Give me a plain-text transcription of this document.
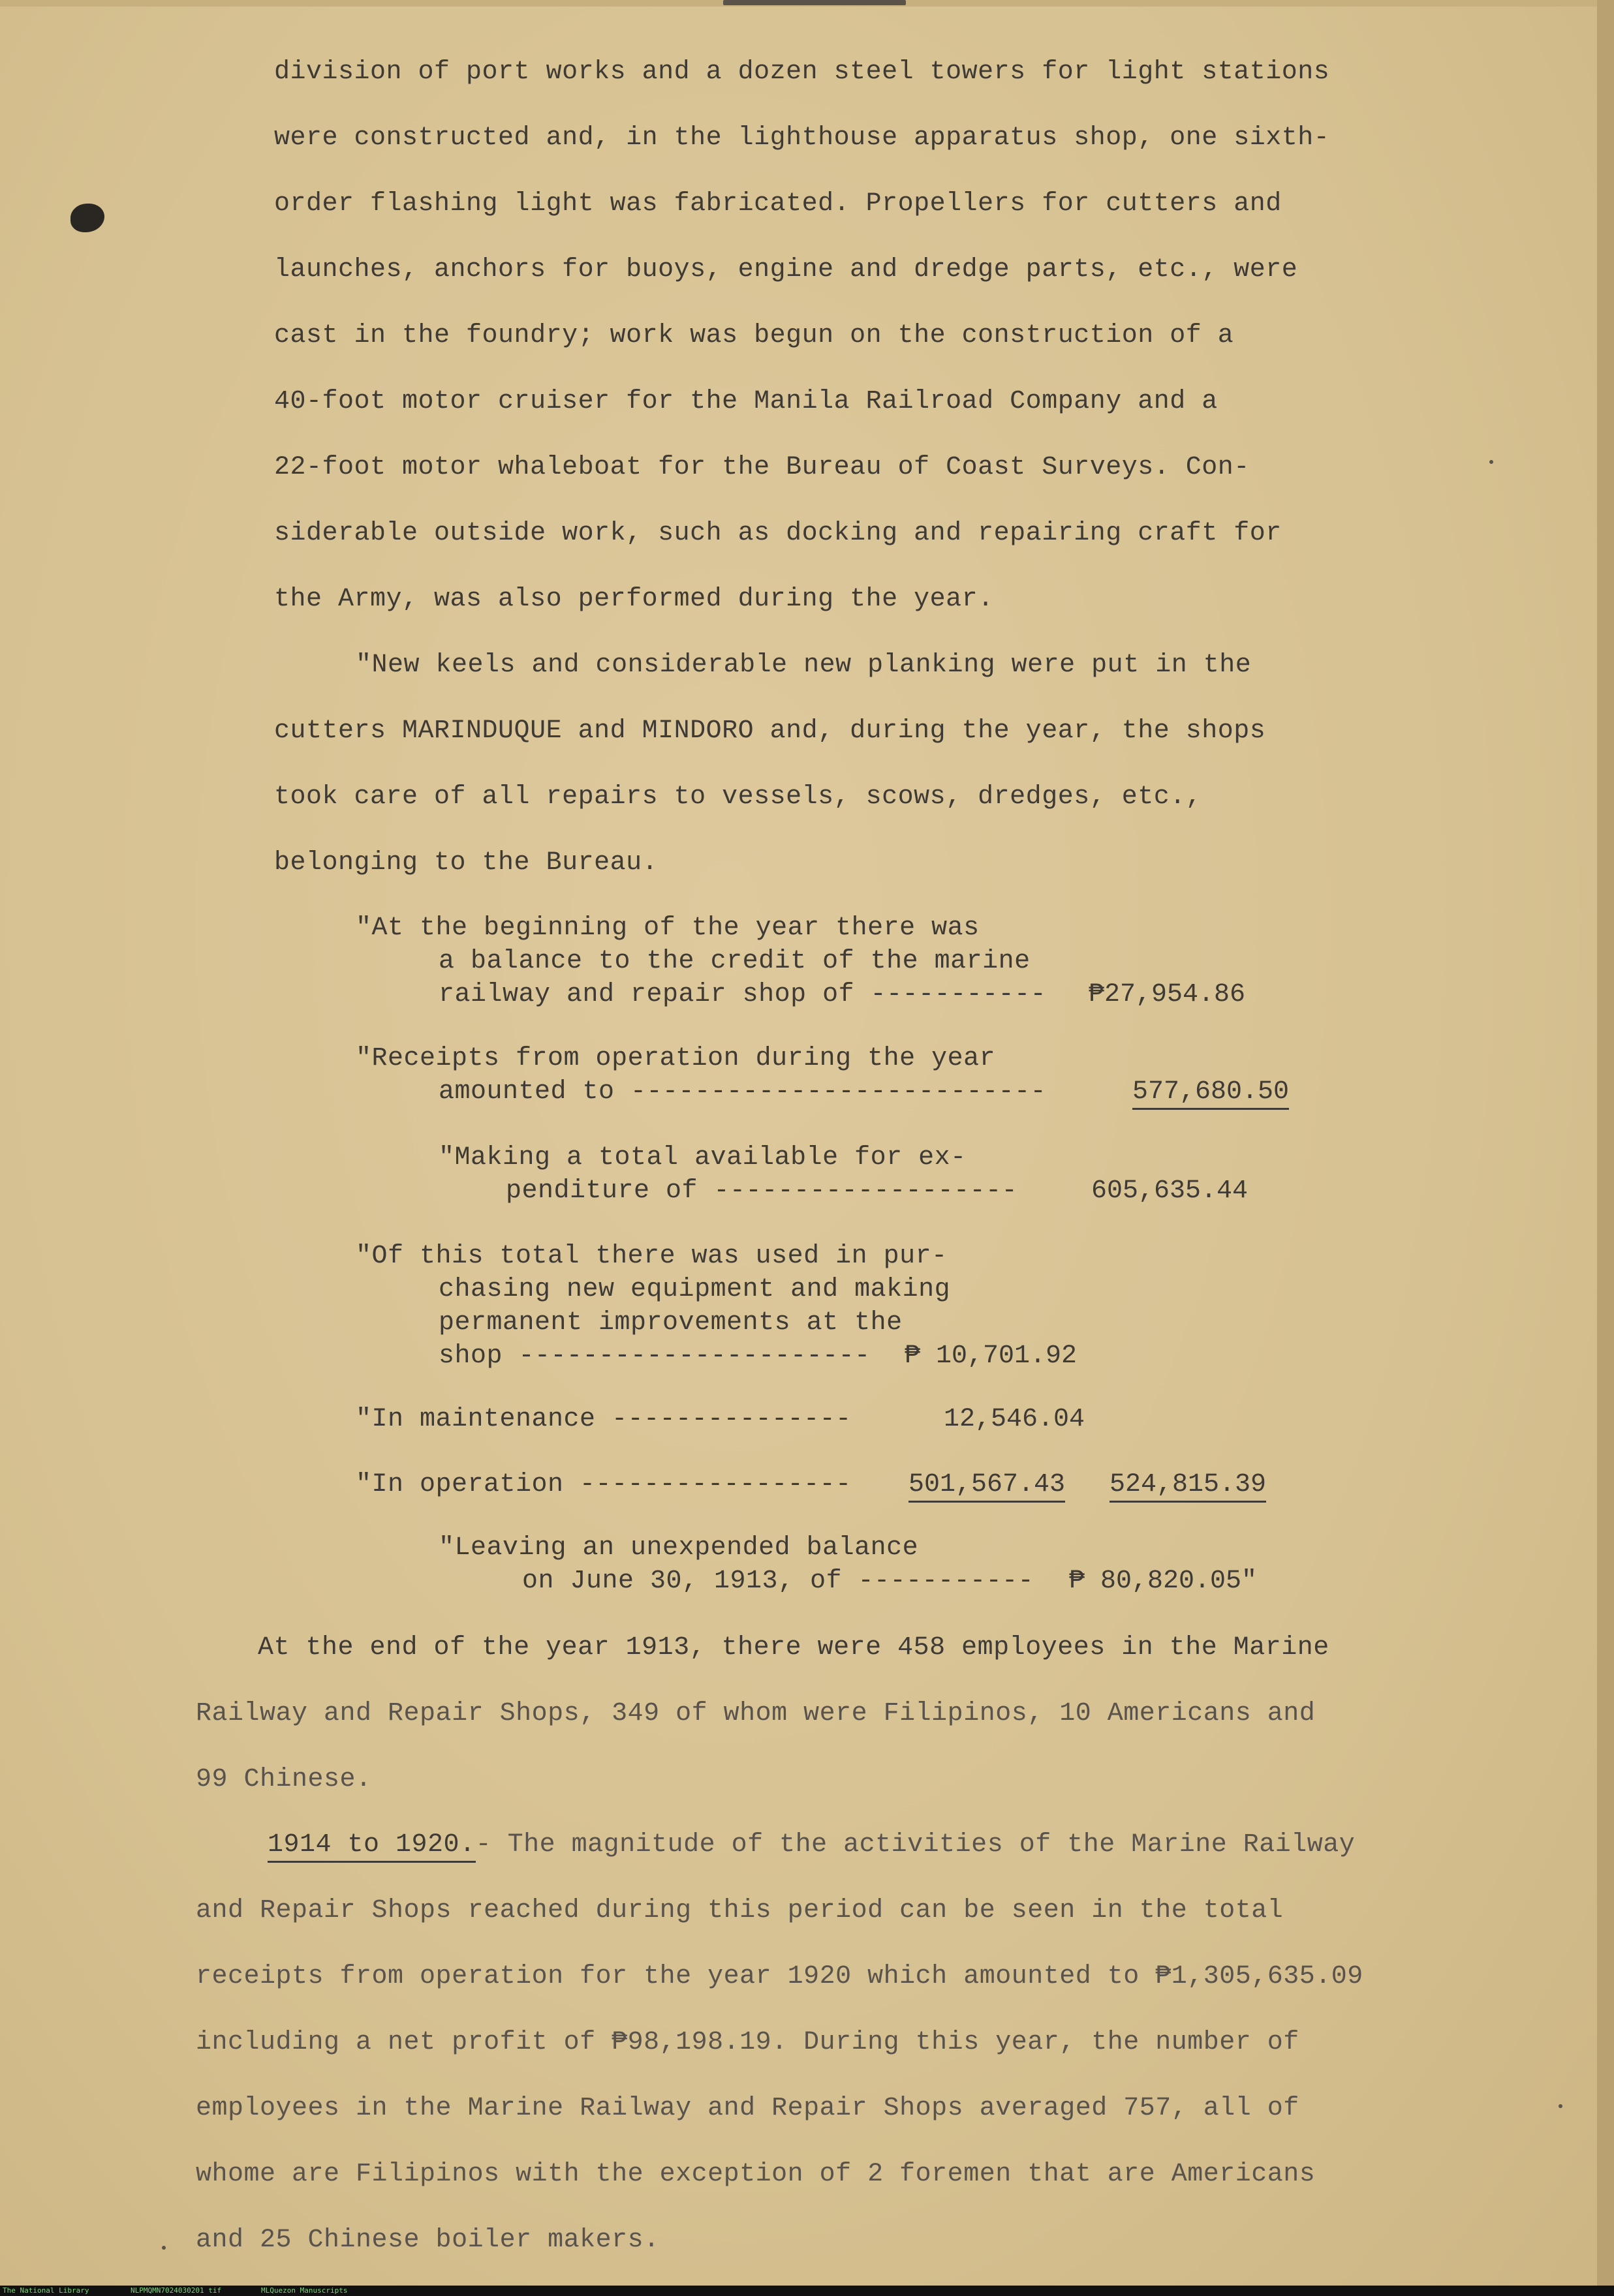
division of port works and a dozen steel towers for light stations

were constructed and, in the lighthouse apparatus shop, one sixth-

order flashing light was fabricated. Propellers for cutters and

launches, anchors for buoys, engine and dredge parts, etc., were

cast in the foundry; work was begun on the construction of a

40-foot motor cruiser for the Manila Railroad Company and a

22-foot motor whaleboat for the Bureau of Coast Surveys. Con-

siderable outside work, such as docking and repairing craft for

the Army, was also performed during the year.

"New keels and considerable new planking were put in the

cutters MARINDUQUE and MINDORO and, during the year, the shops

took care of all repairs to vessels, scows, dredges, etc.,

belonging to the Bureau.

"At the beginning of the year there was

a balance to the credit of the marine

railway and repair shop of ----------- ₱27,954.86

"Receipts from operation during the year

amounted to --------------------------	577,680.50

"Making a total available for ex-

penditure of -------------------	605,635.44

"Of this total there was used in pur-

chasing new equipment and making

permanent improvements at the

shop ---------------------- ₱ 10,701.92

"In maintenance ---------------	12,546.04

"In operation ----------------- 501,567.43 524,815.39

"Leaving an unexpended balance

on June 30, 1913, of ----------- ₱ 80,820.05"

At the end of the year 1913, there were 458 employees in the Marine

Railway and Repair Shops, 349 of whom were Filipinos, 10 Americans and

99 Chinese.

1914 to 1920.- The magnitude of the activities of the Marine Railway

and Repair Shops reached during this period can be seen in the total

receipts from operation for the year 1920 which amounted to ₱1,305,635.09

including a net profit of ₱98,198.19. During this year, the number of

employees in the Marine Railway and Repair Shops averaged 757, all of

whome are Filipinos with the exception of 2 foremen that are Americans

and 25 Chinese boiler makers.

The National Library	NLPMQMN7024030201 tif	MLQuezon Manuscripts
